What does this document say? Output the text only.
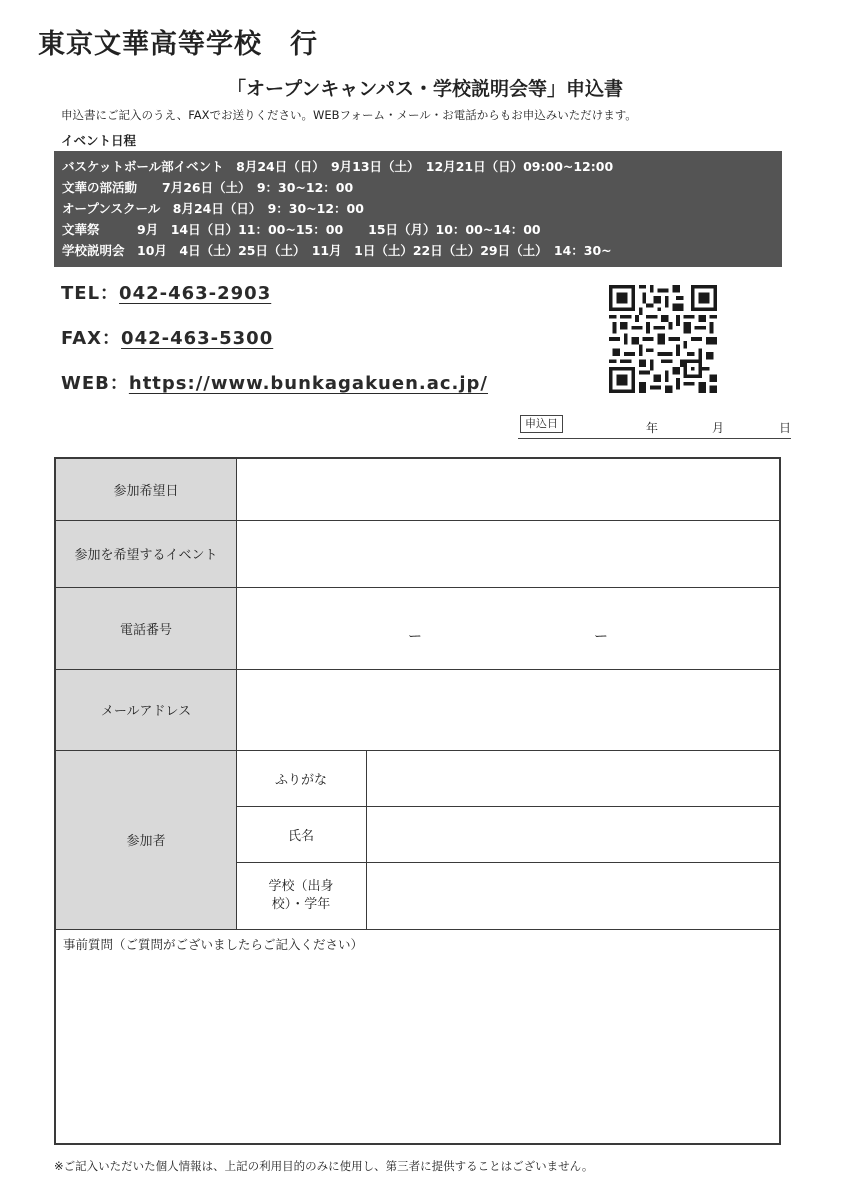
東京文華高等学校　行
「オープンキャンパス・学校説明会等」申込書
申込書にご記入のうえ、FAXでお送りください。WEBフォーム・メール・お電話からもお申込みいただけます。
イベント日程
バスケットボール部イベント　8月24日（日）　9月13日（土）　12月21日（日）09:00~12:00
文華の部活動　　7月26日（土）　9：30~12：00
オープンスクール　8月24日（日）　9：30~12：00
文華祭　　　9月　14日（日）11：00~15：00　　15日（月）10：00~14：00
学校説明会　10月　4日（土）25日（土）　11月　1日（土）22日（土）29日（土）　14：30~
TEL：042-463-2903
FAX：042-463-5300
WEB：https://www.bunkagakuen.ac.jp/
申込日	年	月	日
参加希望日
参加を希望するイベント
電話番号
メールアドレス
参加者
ふりがな
氏名
学校（出身校）・学年
ー	ー
事前質問（ご質問がございましたらご記入ください）
※ご記入いただいた個人情報は、上記の利用目的のみに使用し、第三者に提供することはございません。
